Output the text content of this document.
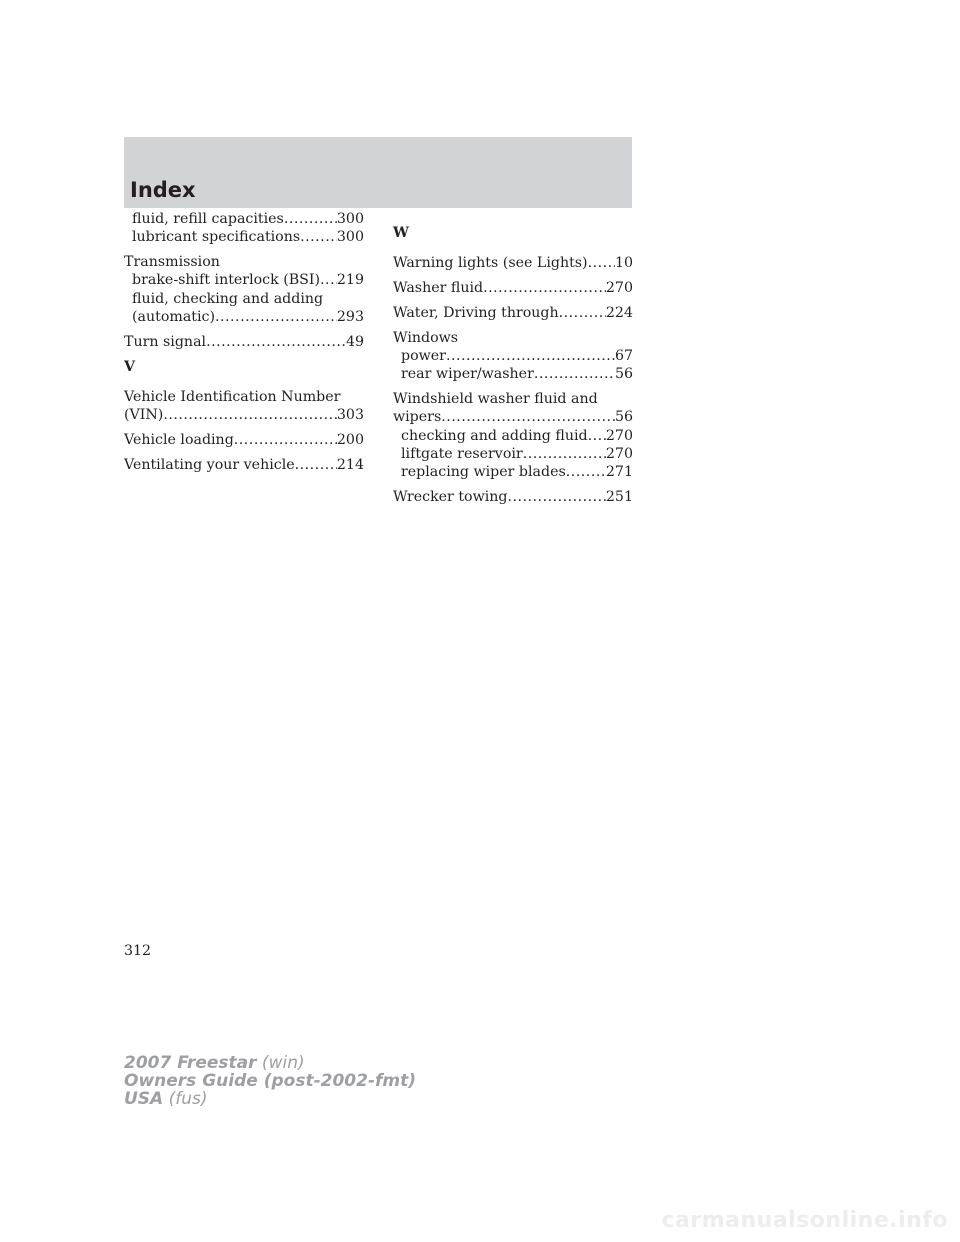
Index
fluid, refill capacities .....	300
lubricant specifications .....	300
Transmission
brake-shift interlock (BSI) ..... 219
fluid, checking and adding
(automatic) .....	293
Turn signal .....	49
V
Vehicle Identification Number
(VIN) .....	303
Vehicle loading .....	200
Ventilating your vehicle .....	214
W
Warning lights (see Lights) ..... 10
Washer fluid .....	270
Water, Driving through .....	224
Windows
power .....	67
rear wiper/washer .....	56
Windshield washer fluid and
wipers .....	56
checking and adding fluid ..... 270
liftgate reservoir .....	270
replacing wiper blades .....	271
Wrecker towing .....	251
312
2007 Freestar (win)
Owners Guide (post-2002-fmt)
USA (fus)
carmanualsonline.info
